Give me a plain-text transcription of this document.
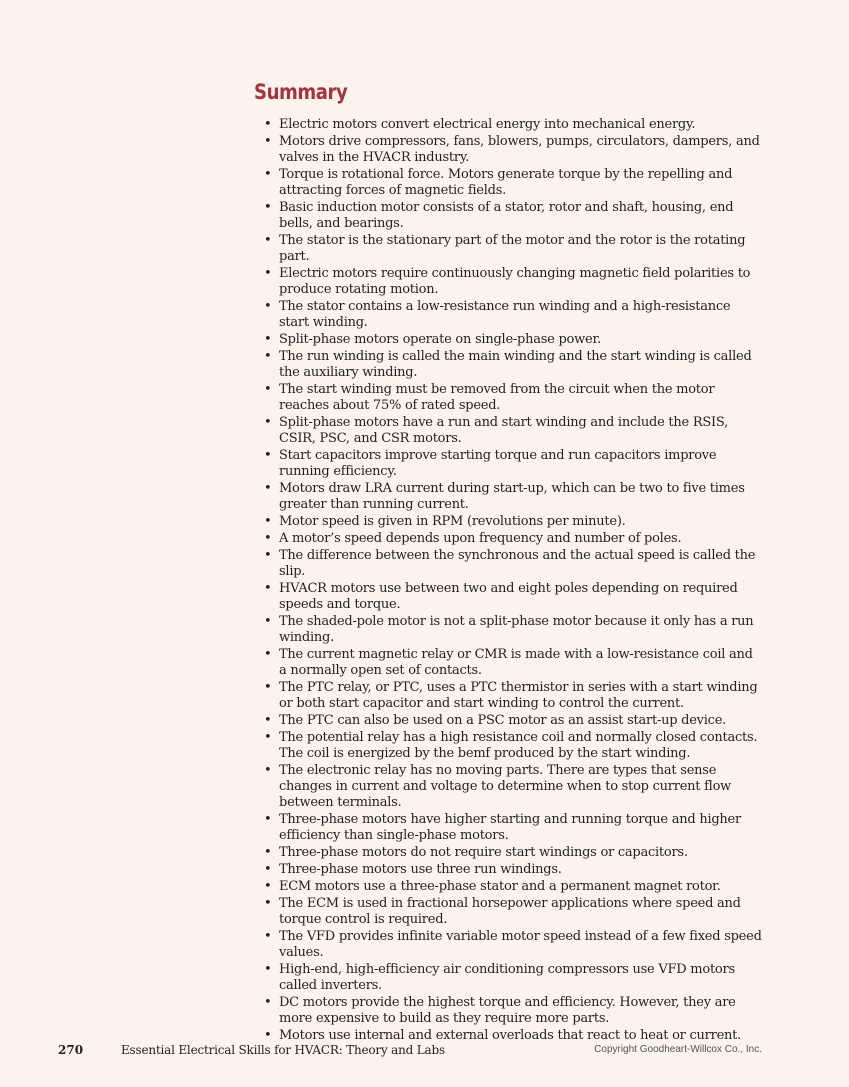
Summary
• Electric motors convert electrical energy into mechanical energy.
• Motors drive compressors, fans, blowers, pumps, circulators, dampers, and valves in the HVACR industry.
• Torque is rotational force. Motors generate torque by the repelling and attracting forces of magnetic fields.
• Basic induction motor consists of a stator, rotor and shaft, housing, end bells, and bearings.
• The stator is the stationary part of the motor and the rotor is the rotating part.
• Electric motors require continuously changing magnetic field polarities to produce rotating motion.
• The stator contains a low-resistance run winding and a high-resistance start winding.
• Split-phase motors operate on single-phase power.
• The run winding is called the main winding and the start winding is called the auxiliary winding.
• The start winding must be removed from the circuit when the motor reaches about 75% of rated speed.
• Split-phase motors have a run and start winding and include the RSIS, CSIR, PSC, and CSR motors.
• Start capacitors improve starting torque and run capacitors improve running efficiency.
• Motors draw LRA current during start-up, which can be two to five times greater than running current.
• Motor speed is given in RPM (revolutions per minute).
• A motor’s speed depends upon frequency and number of poles.
• The difference between the synchronous and the actual speed is called the slip.
• HVACR motors use between two and eight poles depending on required speeds and torque.
• The shaded-pole motor is not a split-phase motor because it only has a run winding.
• The current magnetic relay or CMR is made with a low-resistance coil and a normally open set of contacts.
• The PTC relay, or PTC, uses a PTC thermistor in series with a start winding or both start capacitor and start winding to control the current.
• The PTC can also be used on a PSC motor as an assist start-up device.
• The potential relay has a high resistance coil and normally closed contacts. The coil is energized by the bemf produced by the start winding.
• The electronic relay has no moving parts. There are types that sense changes in current and voltage to determine when to stop current flow between terminals.
• Three-phase motors have higher starting and running torque and higher efficiency than single-phase motors.
• Three-phase motors do not require start windings or capacitors.
• Three-phase motors use three run windings.
• ECM motors use a three-phase stator and a permanent magnet rotor.
• The ECM is used in fractional horsepower applications where speed and torque control is required.
• The VFD provides infinite variable motor speed instead of a few fixed speed values.
• High-end, high-efficiency air conditioning compressors use VFD motors called inverters.
• DC motors provide the highest torque and efficiency. However, they are more expensive to build as they require more parts.
• Motors use internal and external overloads that react to heat or current.
270	Essential Electrical Skills for HVACR: Theory and Labs	Copyright Goodheart-Willcox Co., Inc.
